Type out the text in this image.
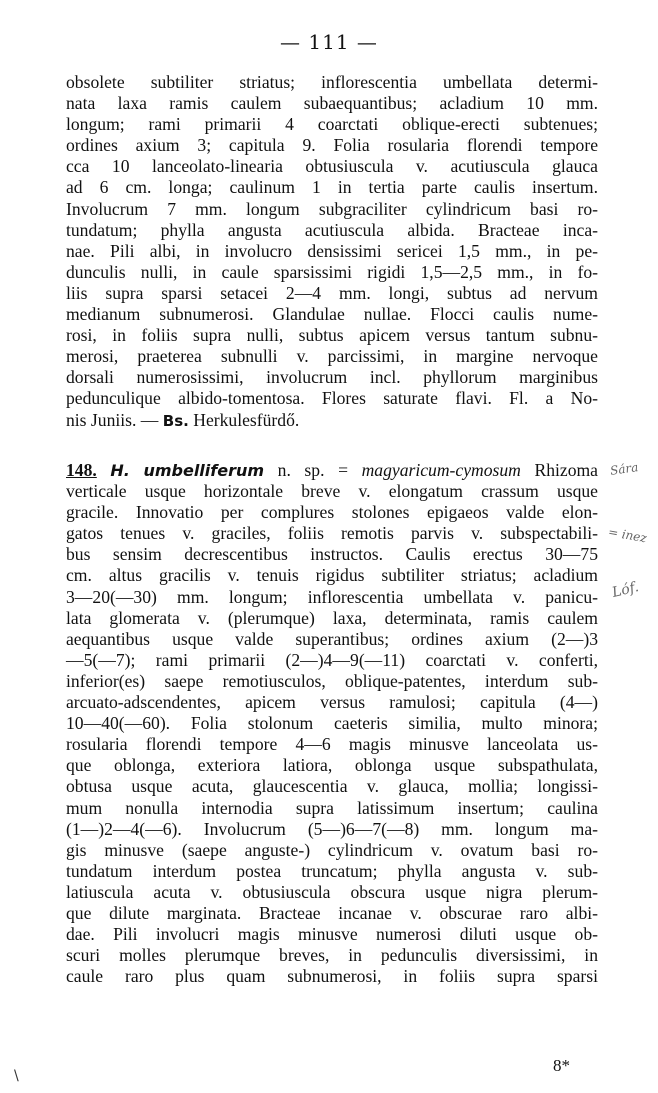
— 111 —
obsolete subtiliter striatus; inflorescentia umbellata determi-
nata laxa ramis caulem subaequantibus; acladium 10 mm.
longum; rami primarii 4 coarctati oblique-erecti subtenues;
ordines axium 3; capitula 9. Folia rosularia florendi tempore
cca 10 lanceolato-linearia obtusiuscula v. acutiuscula glauca
ad 6 cm. longa; caulinum 1 in tertia parte caulis insertum.
Involucrum 7 mm. longum subgraciliter cylindricum basi ro-
tundatum; phylla angusta acutiuscula albida. Bracteae inca-
nae. Pili albi, in involucro densissimi sericei 1,5 mm., in pe-
dunculis nulli, in caule sparsissimi rigidi 1,5—2,5 mm., in fo-
liis supra sparsi setacei 2—4 mm. longi, subtus ad nervum
medianum subnumerosi. Glandulae nullae. Flocci caulis nume-
rosi, in foliis supra nulli, subtus apicem versus tantum subnu-
merosi, praeterea subnulli v. parcissimi, in margine nervoque
dorsali numerosissimi, involucrum incl. phyllorum marginibus
pedunculique albido-tomentosa. Flores saturate flavi. Fl. a No-
nis Juniis. — Bs. Herkulesfürdő.
148. H. umbelliferum n. sp. = magyaricum-cymosum Rhizoma
verticale usque horizontale breve v. elongatum crassum usque
gracile. Innovatio per complures stolones epigaeos valde elon-
gatos tenues v. graciles, foliis remotis parvis v. subspectabili-
bus sensim decrescentibus instructos. Caulis erectus 30—75
cm. altus gracilis v. tenuis rigidus subtiliter striatus; acladium
3—20(—30) mm. longum; inflorescentia umbellata v. panicu-
lata glomerata v. (plerumque) laxa, determinata, ramis caulem
aequantibus usque valde superantibus; ordines axium (2—)3
—5(—7); rami primarii (2—)4—9(—11) coarctati v. conferti,
inferior(es) saepe remotiusculos, oblique-patentes, interdum sub-
arcuato-adscendentes, apicem versus ramulosi; capitula (4—)
10—40(—60). Folia stolonum caeteris similia, multo minora;
rosularia florendi tempore 4—6 magis minusve lanceolata us-
que oblonga, exteriora latiora, oblonga usque subspathulata,
obtusa usque acuta, glaucescentia v. glauca, mollia; longissi-
mum nonulla internodia supra latissimum insertum; caulina
(1—)2—4(—6). Involucrum (5—)6—7(—8) mm. longum ma-
gis minusve (saepe anguste-) cylindricum v. ovatum basi ro-
tundatum interdum postea truncatum; phylla angusta v. sub-
latiuscula acuta v. obtusiuscula obscura usque nigra plerum-
que dilute marginata. Bracteae incanae v. obscurae raro albi-
dae. Pili involucri magis minusve numerosi diluti usque ob-
scuri molles plerumque breves, in pedunculis diversissimi, in
caule raro plus quam subnumerosi, in foliis supra sparsi
Sára
= inez
Lóf.
8*
\
